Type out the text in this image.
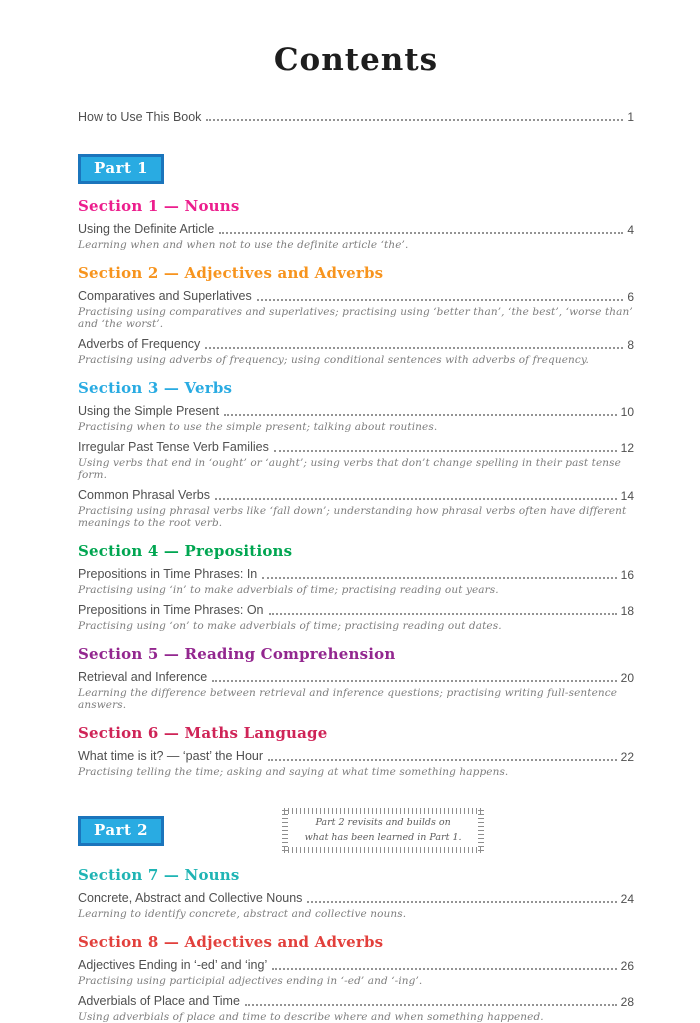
Contents
How to Use This Book	1
Part 1
Section 1 — Nouns
Using the Definite Article	4
Learning when and when not to use the definite article ‘the’.
Section 2 — Adjectives and Adverbs
Comparatives and Superlatives	6
Practising using comparatives and superlatives; practising using ‘better than’, ‘the best’, ‘worse than’ and ‘the worst’.
Adverbs of Frequency	8
Practising using adverbs of frequency; using conditional sentences with adverbs of frequency.
Section 3 — Verbs
Using the Simple Present	10
Practising when to use the simple present; talking about routines.
Irregular Past Tense Verb Families	12
Using verbs that end in ‘ought’ or ‘aught’; using verbs that don’t change spelling in their past tense form.
Common Phrasal Verbs	14
Practising using phrasal verbs like ‘fall down’; understanding how phrasal verbs often have different meanings to the root verb.
Section 4 — Prepositions
Prepositions in Time Phrases: In	16
Practising using ‘in’ to make adverbials of time; practising reading out years.
Prepositions in Time Phrases: On	18
Practising using ‘on’ to make adverbials of time; practising reading out dates.
Section 5 — Reading Comprehension
Retrieval and Inference	20
Learning the difference between retrieval and inference questions; practising writing full-sentence answers.
Section 6 — Maths Language
What time is it? — ‘past’ the Hour	22
Practising telling the time; asking and saying at what time something happens.
Part 2	Part 2 revisits and builds on
what has been learned in Part 1.
Section 7 — Nouns
Concrete, Abstract and Collective Nouns	24
Learning to identify concrete, abstract and collective nouns.
Section 8 — Adjectives and Adverbs
Adjectives Ending in ‘-ed’ and ‘ing’	26
Practising using participial adjectives ending in ‘-ed’ and ‘-ing’.
Adverbials of Place and Time	28
Using adverbials of place and time to describe where and when something happened.
